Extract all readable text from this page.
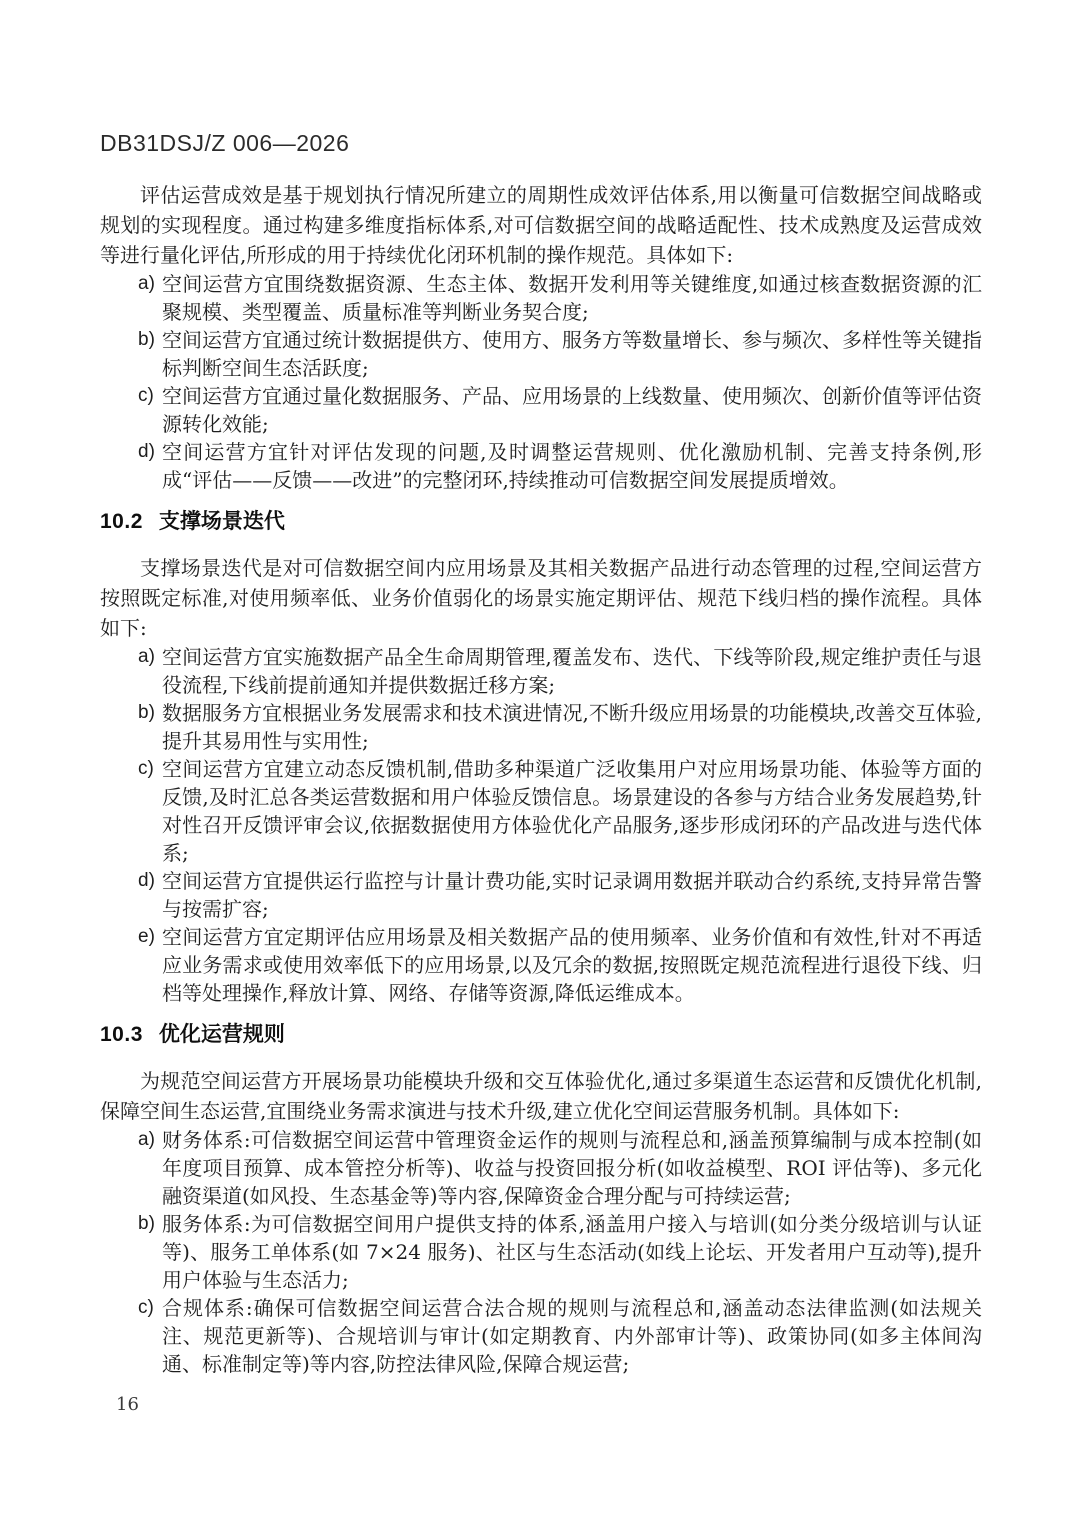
DB31DSJ/Z 006—2026

评估运营成效是基于规划执行情况所建立的周期性成效评估体系,用以衡量可信数据空间战略或规划的实现程度。通过构建多维度指标体系,对可信数据空间的战略适配性、技术成熟度及运营成效等进行量化评估,所形成的用于持续优化闭环机制的操作规范。具体如下:

a) 空间运营方宜围绕数据资源、生态主体、数据开发利用等关键维度,如通过核查数据资源的汇聚规模、类型覆盖、质量标准等判断业务契合度;
b) 空间运营方宜通过统计数据提供方、使用方、服务方等数量增长、参与频次、多样性等关键指标判断空间生态活跃度;
c) 空间运营方宜通过量化数据服务、产品、应用场景的上线数量、使用频次、创新价值等评估资源转化效能;
d) 空间运营方宜针对评估发现的问题,及时调整运营规则、优化激励机制、完善支持条例,形成“评估——反馈——改进”的完整闭环,持续推动可信数据空间发展提质增效。
10.2 支撑场景迭代

支撑场景迭代是对可信数据空间内应用场景及其相关数据产品进行动态管理的过程,空间运营方按照既定标准,对使用频率低、业务价值弱化的场景实施定期评估、规范下线归档的操作流程。具体如下:

a) 空间运营方宜实施数据产品全生命周期管理,覆盖发布、迭代、下线等阶段,规定维护责任与退役流程,下线前提前通知并提供数据迁移方案;
b) 数据服务方宜根据业务发展需求和技术演进情况,不断升级应用场景的功能模块,改善交互体验,提升其易用性与实用性;
c) 空间运营方宜建立动态反馈机制,借助多种渠道广泛收集用户对应用场景功能、体验等方面的反馈,及时汇总各类运营数据和用户体验反馈信息。场景建设的各参与方结合业务发展趋势,针对性召开反馈评审会议,依据数据使用方体验优化产品服务,逐步形成闭环的产品改进与迭代体系;
d) 空间运营方宜提供运行监控与计量计费功能,实时记录调用数据并联动合约系统,支持异常告警与按需扩容;
e) 空间运营方宜定期评估应用场景及相关数据产品的使用频率、业务价值和有效性,针对不再适应业务需求或使用效率低下的应用场景,以及冗余的数据,按照既定规范流程进行退役下线、归档等处理操作,释放计算、网络、存储等资源,降低运维成本。
10.3 优化运营规则

为规范空间运营方开展场景功能模块升级和交互体验优化,通过多渠道生态运营和反馈优化机制,保障空间生态运营,宜围绕业务需求演进与技术升级,建立优化空间运营服务机制。具体如下:

a) 财务体系:可信数据空间运营中管理资金运作的规则与流程总和,涵盖预算编制与成本控制(如年度项目预算、成本管控分析等)、收益与投资回报分析(如收益模型、ROI 评估等)、多元化融资渠道(如风投、生态基金等)等内容,保障资金合理分配与可持续运营;
b) 服务体系:为可信数据空间用户提供支持的体系,涵盖用户接入与培训(如分类分级培训与认证等)、服务工单体系(如 7×24 服务)、社区与生态活动(如线上论坛、开发者用户互动等),提升用户体验与生态活力;
c) 合规体系:确保可信数据空间运营合法合规的规则与流程总和,涵盖动态法律监测(如法规关注、规范更新等)、合规培训与审计(如定期教育、内外部审计等)、政策协同(如多主体间沟通、标准制定等)等内容,防控法律风险,保障合规运营;
16
